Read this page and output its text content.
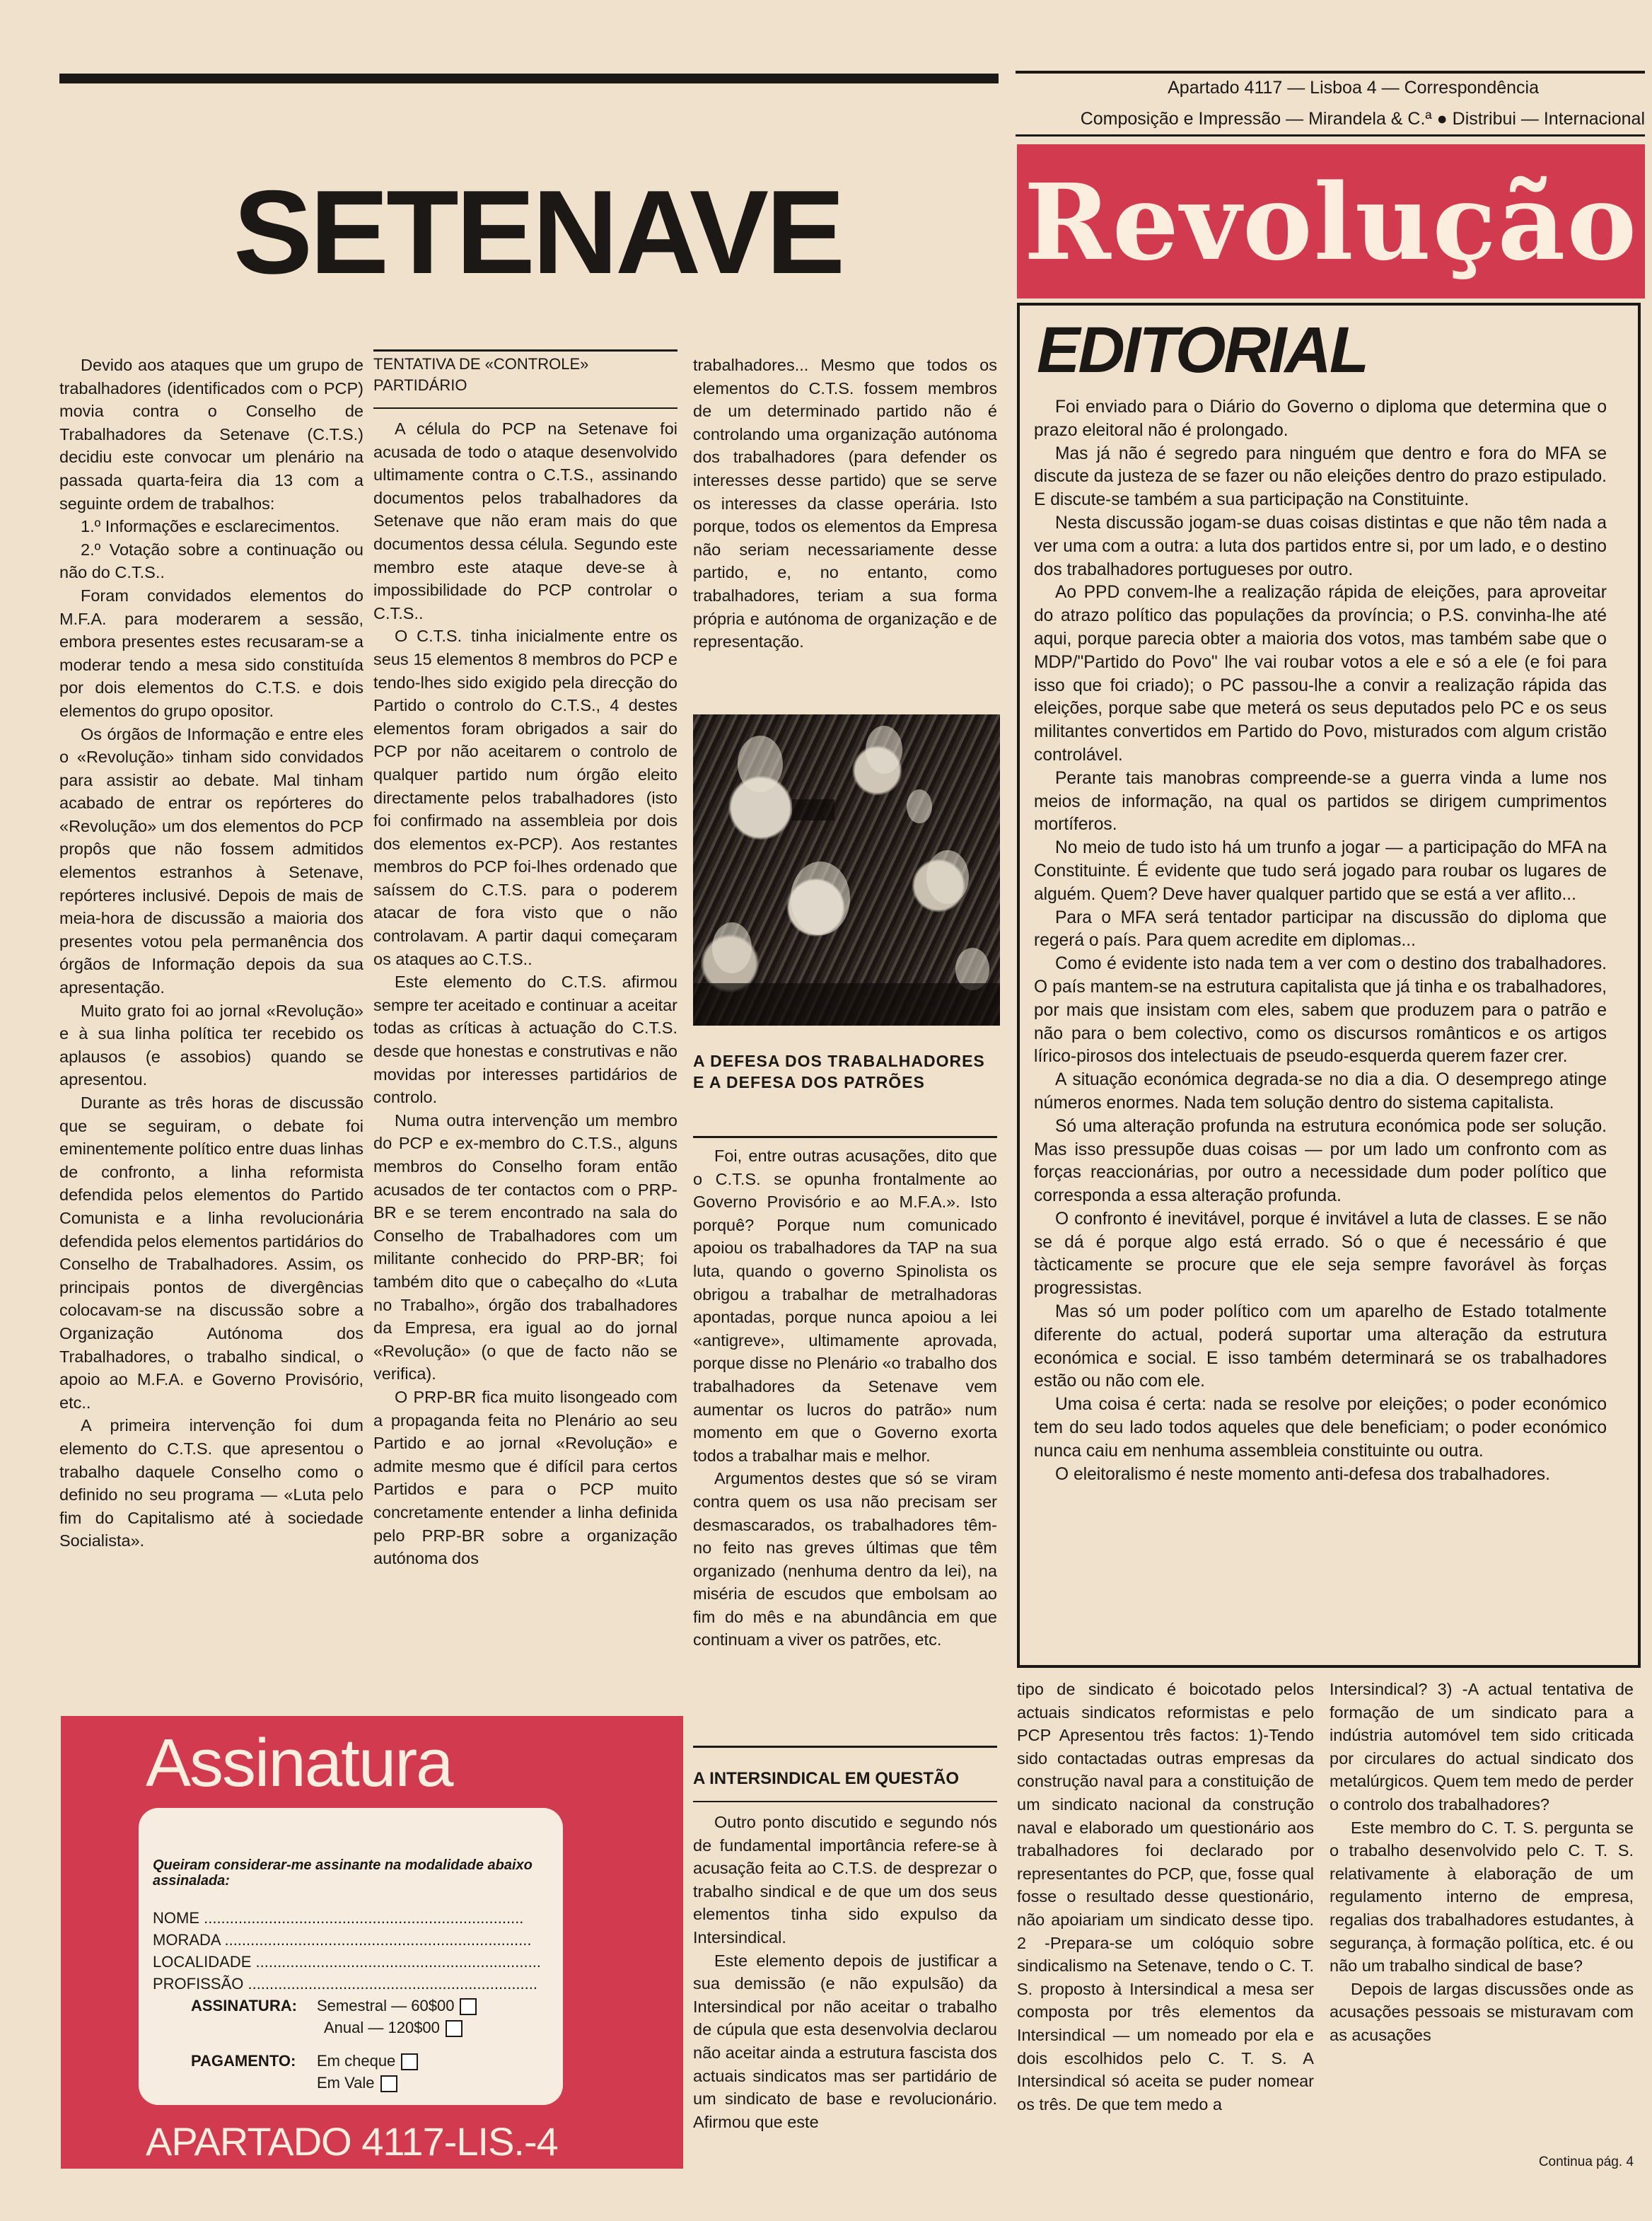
Apartado 4117 — Lisboa 4 — Correspondência
Composição e Impressão — Mirandela & C.ª ● Distribui — Internacional
Revolução
SETENAVE
EDITORIAL

Foi enviado para o Diário do Governo o diploma que determina que o prazo eleitoral não é prolongado.

Mas já não é segredo para ninguém que dentro e fora do MFA se discute da justeza de se fazer ou não eleições dentro do prazo estipulado. E discute-se também a sua participação na Constituinte.

Nesta discussão jogam-se duas coisas distintas e que não têm nada a ver uma com a outra: a luta dos partidos entre si, por um lado, e o destino dos trabalhadores portugueses por outro.

Ao PPD convem-lhe a realização rápida de eleições, para aproveitar do atrazo político das populações da província; o P.S. convinha-lhe até aqui, porque parecia obter a maioria dos votos, mas também sabe que o MDP/"Partido do Povo" lhe vai roubar votos a ele e só a ele (e foi para isso que foi criado); o PC passou-lhe a convir a realização rápida das eleições, porque sabe que meterá os seus deputados pelo PC e os seus militantes convertidos em Partido do Povo, misturados com algum cristão controlável.

Perante tais manobras compreende-se a guerra vinda a lume nos meios de informação, na qual os partidos se dirigem cumprimentos mortíferos.

No meio de tudo isto há um trunfo a jogar — a participação do MFA na Constituinte. É evidente que tudo será jogado para roubar os lugares de alguém. Quem? Deve haver qualquer partido que se está a ver aflito...

Para o MFA será tentador participar na discussão do diploma que regerá o país. Para quem acredite em diplomas...

Como é evidente isto nada tem a ver com o destino dos trabalhadores. O país mantem-se na estrutura capitalista que já tinha e os trabalhadores, por mais que insistam com eles, sabem que produzem para o patrão e não para o bem colectivo, como os discursos românticos e os artigos lírico-pirosos dos intelectuais de pseudo-esquerda querem fazer crer.

A situação económica degrada-se no dia a dia. O desemprego atinge números enormes. Nada tem solução dentro do sistema capitalista.

Só uma alteração profunda na estrutura económica pode ser solução. Mas isso pressupõe duas coisas — por um lado um confronto com as forças reaccionárias, por outro a necessidade dum poder político que corresponda a essa alteração profunda.

O confronto é inevitável, porque é invitável a luta de classes. E se não se dá é porque algo está errado. Só o que é necessário é que tàcticamente se procure que ele seja sempre favorável às forças progressistas.

Mas só um poder político com um aparelho de Estado totalmente diferente do actual, poderá suportar uma alteração da estrutura económica e social. E isso também determinará se os trabalhadores estão ou não com ele.

Uma coisa é certa: nada se resolve por eleições; o poder económico tem do seu lado todos aqueles que dele beneficiam; o poder económico nunca caiu em nenhuma assembleia constituinte ou outra.

O eleitoralismo é neste momento anti-defesa dos trabalhadores.

Devido aos ataques que um grupo de trabalhadores (identificados com o PCP) movia contra o Conselho de Trabalhadores da Setenave (C.T.S.) decidiu este convocar um plenário na passada quarta-feira dia 13 com a seguinte ordem de trabalhos:

1.º Informações e esclarecimentos.

2.º Votação sobre a continuação ou não do C.T.S..

Foram convidados elementos do M.F.A. para moderarem a sessão, embora presentes estes recusaram-se a moderar tendo a mesa sido constituída por dois elementos do C.T.S. e dois elementos do grupo opositor.

Os órgãos de Informação e entre eles o «Revolução» tinham sido convidados para assistir ao debate. Mal tinham acabado de entrar os repórteres do «Revolução» um dos elementos do PCP propôs que não fossem admitidos elementos estranhos à Setenave, repórteres inclusivé. Depois de mais de meia-hora de discussão a maioria dos presentes votou pela permanência dos órgãos de Informação depois da sua apresentação.

Muito grato foi ao jornal «Revolução» e à sua linha política ter recebido os aplausos (e assobios) quando se apresentou.

Durante as três horas de discussão que se seguiram, o debate foi eminentemente político entre duas linhas de confronto, a linha reformista defendida pelos elementos do Partido Comunista e a linha revolucionária defendida pelos elementos partidários do Conselho de Trabalhadores. Assim, os principais pontos de divergências colocavam-se na discussão sobre a Organização Autónoma dos Trabalhadores, o trabalho sindical, o apoio ao M.F.A. e Governo Provisório, etc..

A primeira intervenção foi dum elemento do C.T.S. que apresentou o trabalho daquele Conselho como o definido no seu programa — «Luta pelo fim do Capitalismo até à sociedade Socialista».

TENTATIVA DE «CONTROLE» PARTIDÁRIO

A célula do PCP na Setenave foi acusada de todo o ataque desenvolvido ultimamente contra o C.T.S., assinando documentos pelos trabalhadores da Setenave que não eram mais do que documentos dessa célula. Segundo este membro este ataque deve-se à impossibilidade do PCP controlar o C.T.S..

O C.T.S. tinha inicialmente entre os seus 15 elementos 8 membros do PCP e tendo-lhes sido exigido pela direcção do Partido o controlo do C.T.S., 4 destes elementos foram obrigados a sair do PCP por não aceitarem o controlo de qualquer partido num órgão eleito directamente pelos trabalhadores (isto foi confirmado na assembleia por dois dos elementos ex-PCP). Aos restantes membros do PCP foi-lhes ordenado que saíssem do C.T.S. para o poderem atacar de fora visto que o não controlavam. A partir daqui começaram os ataques ao C.T.S..

Este elemento do C.T.S. afirmou sempre ter aceitado e continuar a aceitar todas as críticas à actuação do C.T.S. desde que honestas e construtivas e não movidas por interesses partidários de controlo.

Numa outra intervenção um membro do PCP e ex-membro do C.T.S., alguns membros do Conselho foram então acusados de ter contactos com o PRP-BR e se terem encontrado na sala do Conselho de Trabalhadores com um militante conhecido do PRP-BR; foi também dito que o cabeçalho do «Luta no Trabalho», órgão dos trabalhadores da Empresa, era igual ao do jornal «Revolução» (o que de facto não se verifica).

O PRP-BR fica muito lisongeado com a propaganda feita no Plenário ao seu Partido e ao jornal «Revolução» e admite mesmo que é difícil para certos Partidos e para o PCP muito concretamente entender a linha definida pelo PRP-BR sobre a organização autónoma dos

trabalhadores... Mesmo que todos os elementos do C.T.S. fossem membros de um determinado partido não é controlando uma organização autónoma dos trabalhadores (para defender os interesses desse partido) que se serve os interesses da classe operária. Isto porque, todos os elementos da Empresa não seriam necessariamente desse partido, e, no entanto, como trabalhadores, teriam a sua forma própria e autónoma de organização e de representação.

A DEFESA DOS TRABALHADORES E A DEFESA DOS PATRÕES

Foi, entre outras acusações, dito que o C.T.S. se opunha frontalmente ao Governo Provisório e ao M.F.A.». Isto porquê? Porque num comunicado apoiou os trabalhadores da TAP na sua luta, quando o governo Spinolista os obrigou a trabalhar de metralhadoras apontadas, porque nunca apoiou a lei «antigreve», ultimamente aprovada, porque disse no Plenário «o trabalho dos trabalhadores da Setenave vem aumentar os lucros do patrão» num momento em que o Governo exorta todos a trabalhar mais e melhor.

Argumentos destes que só se viram contra quem os usa não precisam ser desmascarados, os trabalhadores têm-no feito nas greves últimas que têm organizado (nenhuma dentro da lei), na miséria de escudos que embolsam ao fim do mês e na abundância em que continuam a viver os patrões, etc.

A INTERSINDICAL EM QUESTÃO

Outro ponto discutido e segundo nós de fundamental importância refere-se à acusação feita ao C.T.S. de desprezar o trabalho sindical e de que um dos seus elementos tinha sido expulso da Intersindical.

Este elemento depois de justificar a sua demissão (e não expulsão) da Intersindical por não aceitar o trabalho de cúpula que esta desenvolvia declarou não aceitar ainda a estrutura fascista dos actuais sindicatos mas ser partidário de um sindicato de base e revolucionário. Afirmou que este

tipo de sindicato é boicotado pelos actuais sindicatos reformistas e pelo PCP Apresentou três factos: 1)-Tendo sido contactadas outras empresas da construção naval para a constituição de um sindicato nacional da construção naval e elaborado um questionário aos trabalhadores foi declarado por representantes do PCP, que, fosse qual fosse o resultado desse questionário, não apoiariam um sindicato desse tipo. 2 -Prepara-se um colóquio sobre sindicalismo na Setenave, tendo o C. T. S. proposto à Intersindical a mesa ser composta por três elementos da Intersindical — um nomeado por ela e dois escolhidos pelo C. T. S. A Intersindical só aceita se puder nomear os três. De que tem medo a

Intersindical? 3) -A actual tentativa de formação de um sindicato para a indústria automóvel tem sido criticada por circulares do actual sindicato dos metalúrgicos. Quem tem medo de perder o controlo dos trabalhadores?

Este membro do C. T. S. pergunta se o trabalho desenvolvido pelo C. T. S. relativamente à elaboração de um regulamento interno de empresa, regalias dos trabalhadores estudantes, à segurança, à formação política, etc. é ou não um trabalho sindical de base?

Depois de largas discussões onde as acusações pessoais se misturavam com as acusações

Continua pág. 4
Assinatura
Queiram considerar-me assinante na modalidade abaixo assinalada:
NOME ..........................................................................
MORADA .......................................................................
LOCALIDADE ..................................................................
PROFISSÃO ...................................................................
ASSINATURA: Semestral — 60$00
Anual — 120$00
PAGAMENTO: Em cheque
Em Vale
APARTADO 4117-LIS.-4
